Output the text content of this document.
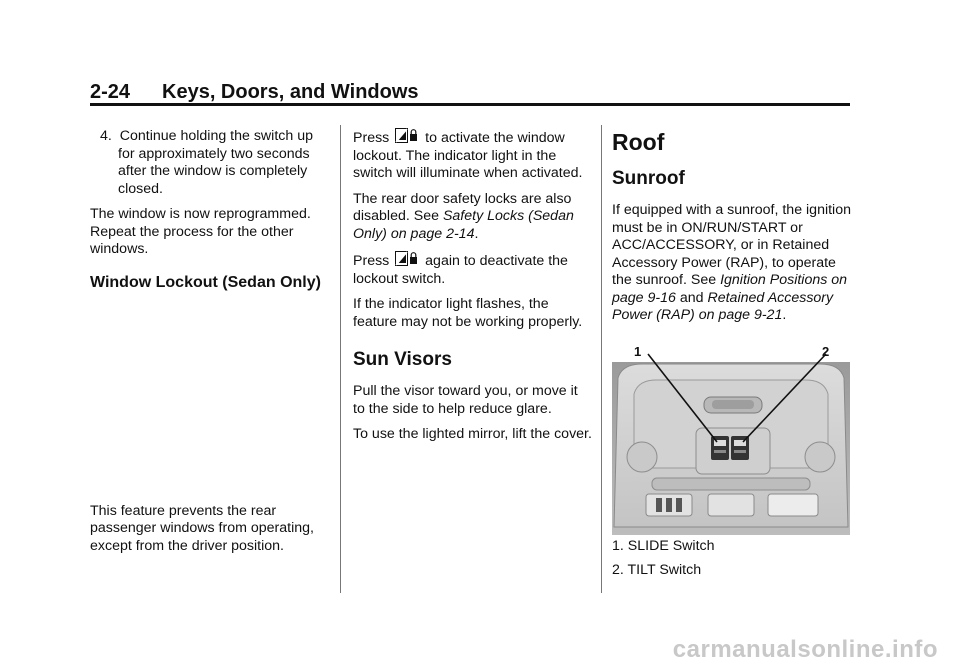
2-24 Keys, Doors, and Windows

4. Continue holding the switch up for approximately two seconds after the window is completely closed.

The window is now reprogrammed. Repeat the process for the other windows.

Window Lockout (Sedan Only)

This feature prevents the rear passenger windows from operating, except from the driver position.

Press	to activate the window lockout. The indicator light in the switch will illuminate when activated.

The rear door safety locks are also disabled. See Safety Locks (Sedan Only) on page 2-14.

Press	again to deactivate the lockout switch.

If the indicator light flashes, the feature may not be working properly.

Sun Visors

Pull the visor toward you, or move it to the side to help reduce glare.

To use the lighted mirror, lift the cover.

Roof
Sunroof

If equipped with a sunroof, the ignition must be in ON/RUN/START or ACC/ACCESSORY, or in Retained Accessory Power (RAP), to operate the sunroof. See Ignition Positions on page 9-16 and Retained Accessory Power (RAP) on page 9-21.

1	2
1. SLIDE Switch
2. TILT Switch
carmanualsonline.info
